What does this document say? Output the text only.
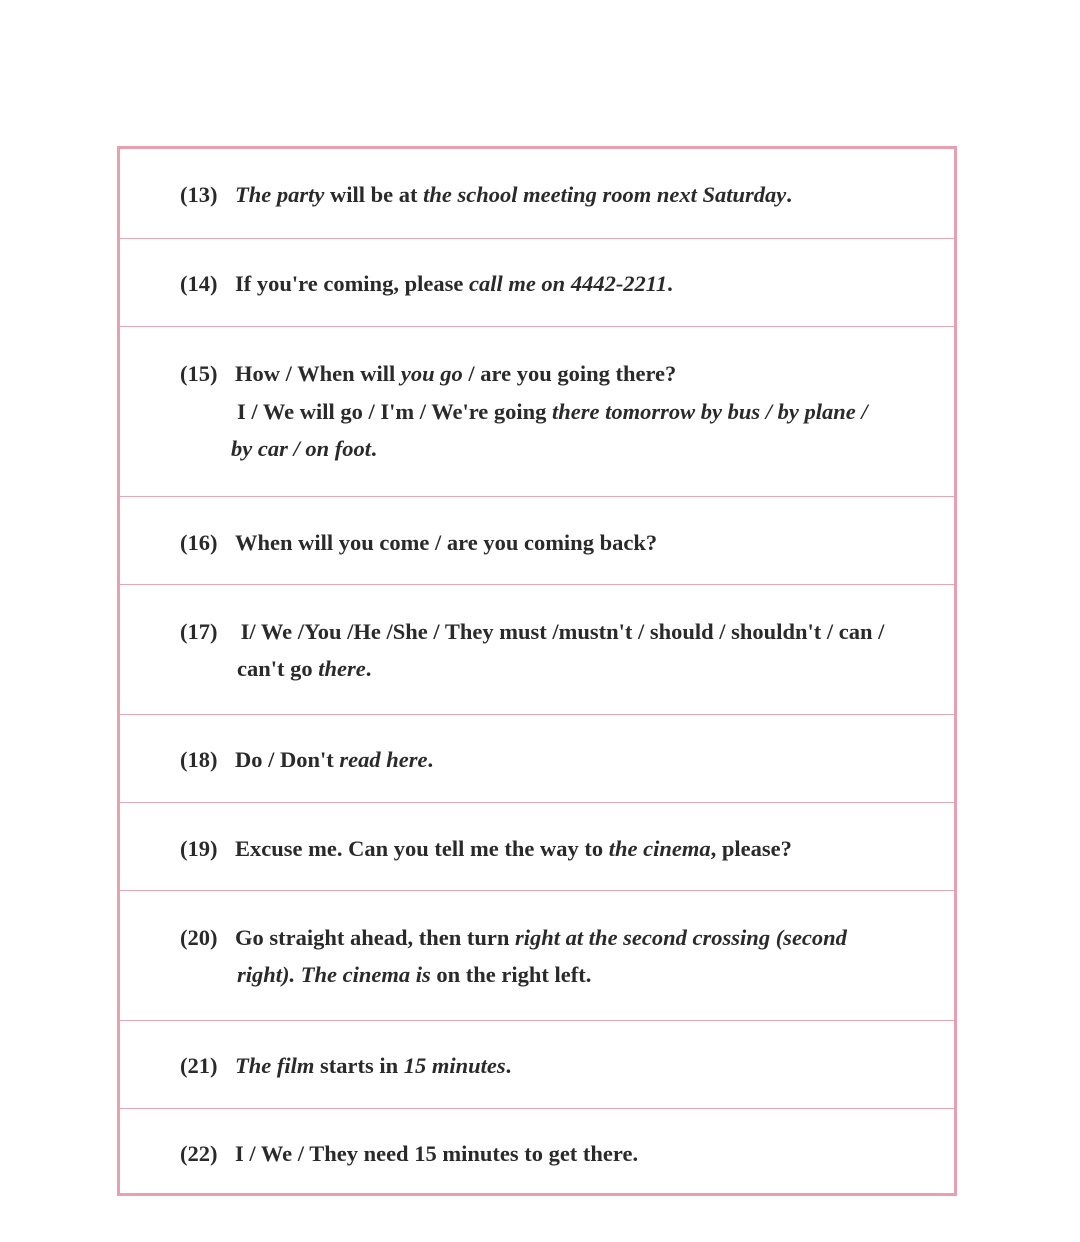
(13) The party will be at the school meeting room next Saturday.
(14) If you're coming, please call me on 4442-2211.
(15) How / When will you go / are you going there?
I / We will go / I'm / We're going there tomorrow by bus / by plane /
by car / on foot.
(16) When will you come / are you coming back?
(17) I/ We /You /He /She / They must /mustn't / should / shouldn't / can /
can't go there.
(18) Do / Don't read here.
(19) Excuse me. Can you tell me the way to the cinema, please?
(20) Go straight ahead, then turn right at the second crossing (second
right). The cinema is on the right left.
(21) The film starts in 15 minutes.
(22) I / We / They need 15 minutes to get there.
